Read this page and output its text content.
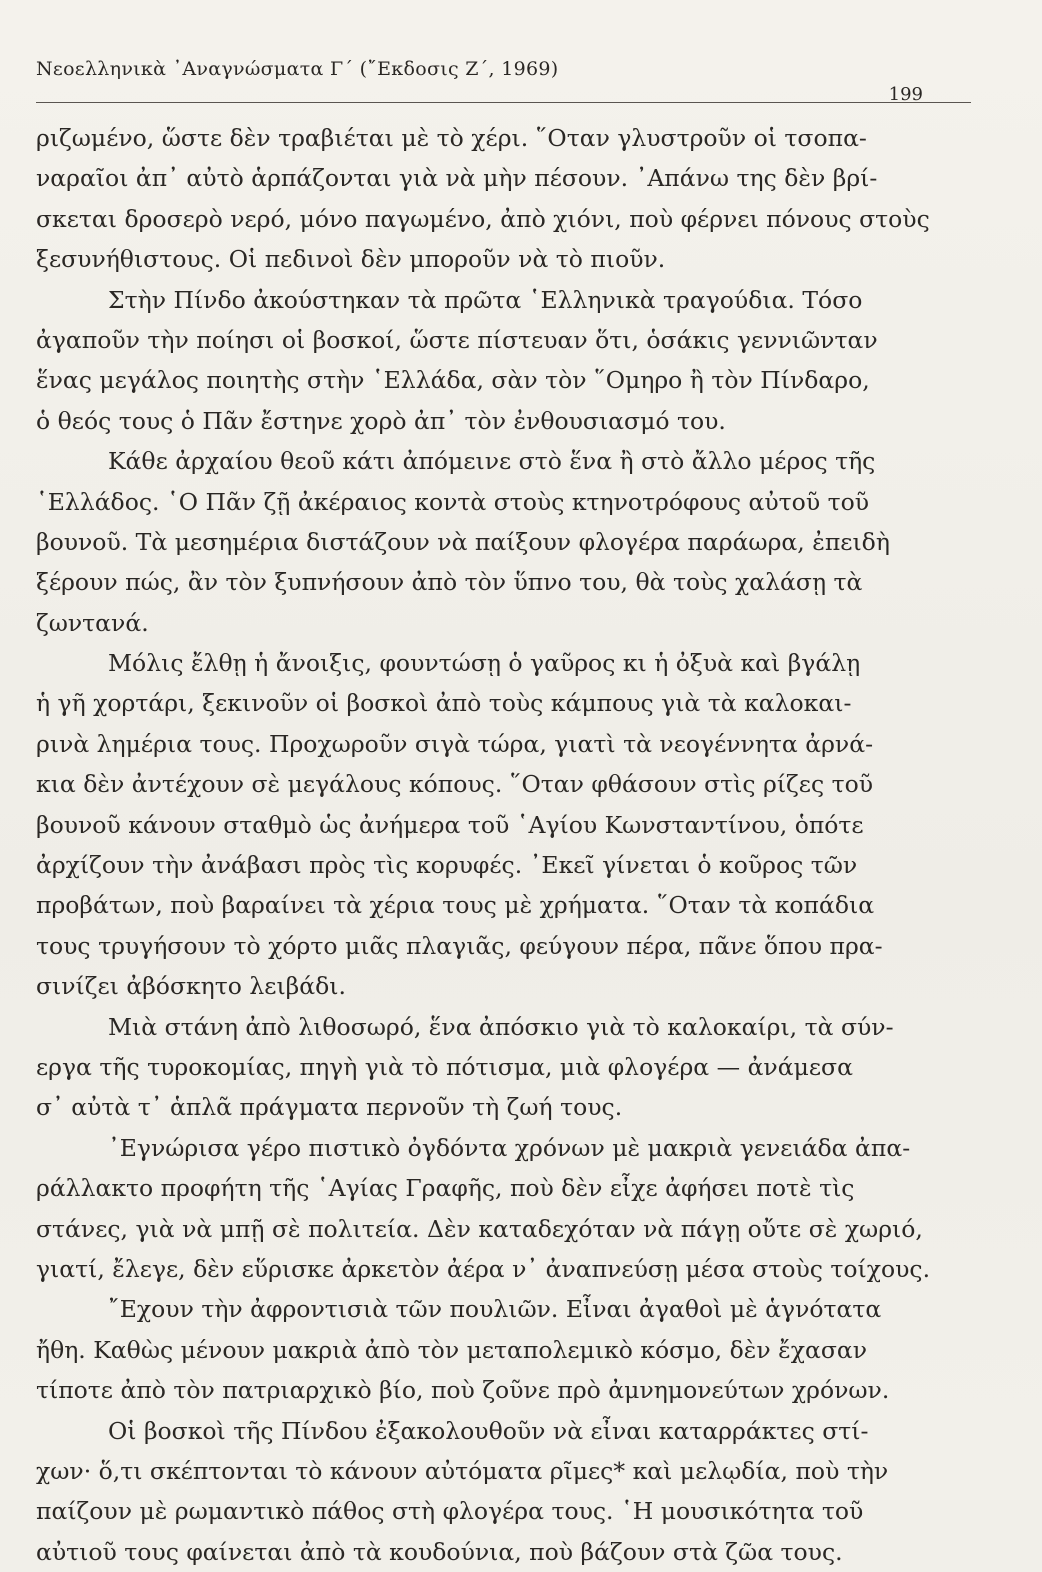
Νεοελληνικὰ ᾿Αναγνώσματα Γ΄ (῎Εκδοσις Ζ΄, 1969)
199
ριζωμένο, ὥστε δὲν τραβιέται μὲ τὸ χέρι. ῞Οταν γλυστροῦν οἱ τσοπα-
ναραῖοι ἀπ᾿ αὐτὸ ἁρπάζονται γιὰ νὰ μὴν πέσουν. ᾿Απάνω της δὲν βρί-
σκεται δροσερὸ νερό, μόνο παγωμένο, ἀπὸ χιόνι, ποὺ φέρνει πόνους στοὺς
ξεσυνήθιστους. Οἱ πεδινοὶ δὲν μποροῦν νὰ τὸ πιοῦν.
Στὴν Πίνδο ἀκούστηκαν τὰ πρῶτα ῾Ελληνικὰ τραγούδια. Τόσο
ἀγαποῦν τὴν ποίησι οἱ βοσκοί, ὥστε πίστευαν ὅτι, ὁσάκις γεννιῶνταν
ἕνας μεγάλος ποιητὴς στὴν ῾Ελλάδα, σὰν τὸν ῞Ομηρο ἢ τὸν Πίνδαρο,
ὁ θεός τους ὁ Πᾶν ἔστηνε χορὸ ἀπ᾿ τὸν ἐνθουσιασμό του.
Κάθε ἀρχαίου θεοῦ κάτι ἀπόμεινε στὸ ἕνα ἢ στὸ ἄλλο μέρος τῆς
῾Ελλάδος. ῾Ο Πᾶν ζῇ ἀκέραιος κοντὰ στοὺς κτηνοτρόφους αὐτοῦ τοῦ
βουνοῦ. Τὰ μεσημέρια διστάζουν νὰ παίξουν φλογέρα παράωρα, ἐπειδὴ
ξέρουν πώς, ἂν τὸν ξυπνήσουν ἀπὸ τὸν ὕπνο του, θὰ τοὺς χαλάσῃ τὰ
ζωντανά.
Μόλις ἔλθῃ ἡ ἄνοιξις, φουντώσῃ ὁ γαῦρος κι ἡ ὀξυὰ καὶ βγάλῃ
ἡ γῆ χορτάρι, ξεκινοῦν οἱ βοσκοὶ ἀπὸ τοὺς κάμπους γιὰ τὰ καλοκαι-
ρινὰ λημέρια τους. Προχωροῦν σιγὰ τώρα, γιατὶ τὰ νεογέννητα ἀρνά-
κια δὲν ἀντέχουν σὲ μεγάλους κόπους. ῞Οταν φθάσουν στὶς ρίζες τοῦ
βουνοῦ κάνουν σταθμὸ ὡς ἀνήμερα τοῦ ῾Αγίου Κωνσταντίνου, ὁπότε
ἀρχίζουν τὴν ἀνάβασι πρὸς τὶς κορυφές. ᾿Εκεῖ γίνεται ὁ κοῦρος τῶν
προβάτων, ποὺ βαραίνει τὰ χέρια τους μὲ χρήματα. ῞Οταν τὰ κοπάδια
τους τρυγήσουν τὸ χόρτο μιᾶς πλαγιᾶς, φεύγουν πέρα, πᾶνε ὅπου πρα-
σινίζει ἀβόσκητο λειβάδι.
Μιὰ στάνη ἀπὸ λιθοσωρό, ἕνα ἀπόσκιο γιὰ τὸ καλοκαίρι, τὰ σύν-
εργα τῆς τυροκομίας, πηγὴ γιὰ τὸ πότισμα, μιὰ φλογέρα — ἀνάμεσα
σ᾿ αὐτὰ τ᾿ ἁπλᾶ πράγματα περνοῦν τὴ ζωή τους.
᾿Εγνώρισα γέρο πιστικὸ ὀγδόντα χρόνων μὲ μακριὰ γενειάδα ἀπα-
ράλλακτο προφήτη τῆς ῾Αγίας Γραφῆς, ποὺ δὲν εἶχε ἀφήσει ποτὲ τὶς
στάνες, γιὰ νὰ μπῇ σὲ πολιτεία. Δὲν καταδεχόταν νὰ πάγῃ οὔτε σὲ χωριό,
γιατί, ἔλεγε, δὲν εὕρισκε ἀρκετὸν ἀέρα ν᾿ ἀναπνεύσῃ μέσα στοὺς τοίχους.
῎Εχουν τὴν ἀφροντισιὰ τῶν πουλιῶν. Εἶναι ἀγαθοὶ μὲ ἁγνότατα
ἤθη. Καθὼς μένουν μακριὰ ἀπὸ τὸν μεταπολεμικὸ κόσμο, δὲν ἔχασαν
τίποτε ἀπὸ τὸν πατριαρχικὸ βίο, ποὺ ζοῦνε πρὸ ἀμνημονεύτων χρόνων.
Οἱ βοσκοὶ τῆς Πίνδου ἐξακολουθοῦν νὰ εἶναι καταρράκτες στί-
χων· ὅ,τι σκέπτονται τὸ κάνουν αὐτόματα ρῖμες* καὶ μελῳδία, ποὺ τὴν
παίζουν μὲ ρωμαντικὸ πάθος στὴ φλογέρα τους. ῾Η μουσικότητα τοῦ
αὐτιοῦ τους φαίνεται ἀπὸ τὰ κουδούνια, ποὺ βάζουν στὰ ζῶα τους.
